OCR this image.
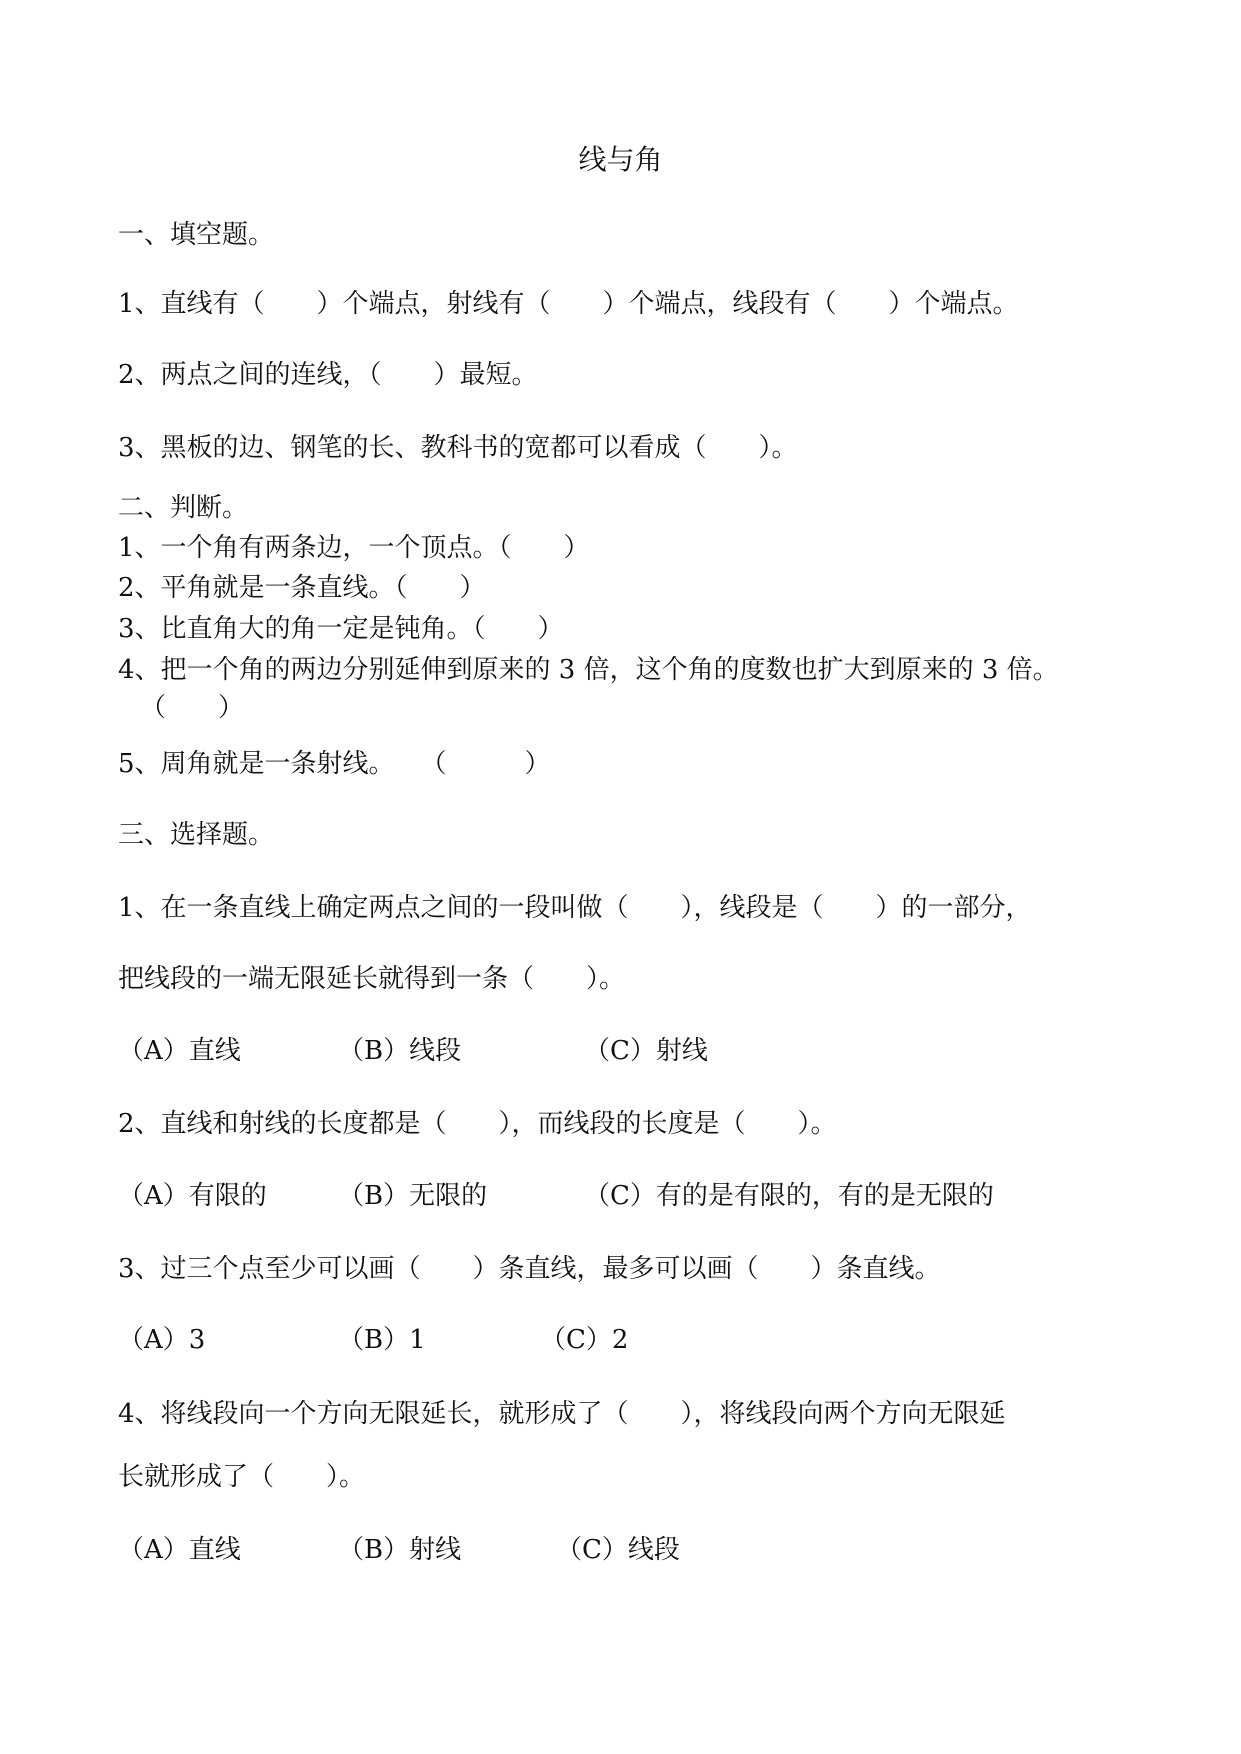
线与角
一、填空题。
1、直线有（　　）个端点，射线有（　　）个端点，线段有（　　）个端点。
2、两点之间的连线，（　　）最短。
3、黑板的边、钢笔的长、教科书的宽都可以看成（　　）。
二、判断。
1、一个角有两条边，一个顶点。（　　）
2、平角就是一条直线。（　　）
3、比直角大的角一定是钝角。（　　）
4、把一个角的两边分别延伸到原来的 3 倍，这个角的度数也扩大到原来的 3 倍。
（　　）
5、周角就是一条射线。　　（　　　）
三、选择题。
1、在一条直线上确定两点之间的一段叫做（　　），线段是（　　）的一部分，
把线段的一端无限延长就得到一条（　　）。
（A）直线	（B）线段	（C）射线
2、直线和射线的长度都是（　　），而线段的长度是（　　）。
（A）有限的	（B）无限的	（C）有的是有限的，有的是无限的
3、过三个点至少可以画（　　）条直线，最多可以画（　　）条直线。
（A）3	（B）1	（C）2
4、将线段向一个方向无限延长，就形成了（　　），将线段向两个方向无限延
长就形成了（　　）。
（A）直线	（B）射线	（C）线段
